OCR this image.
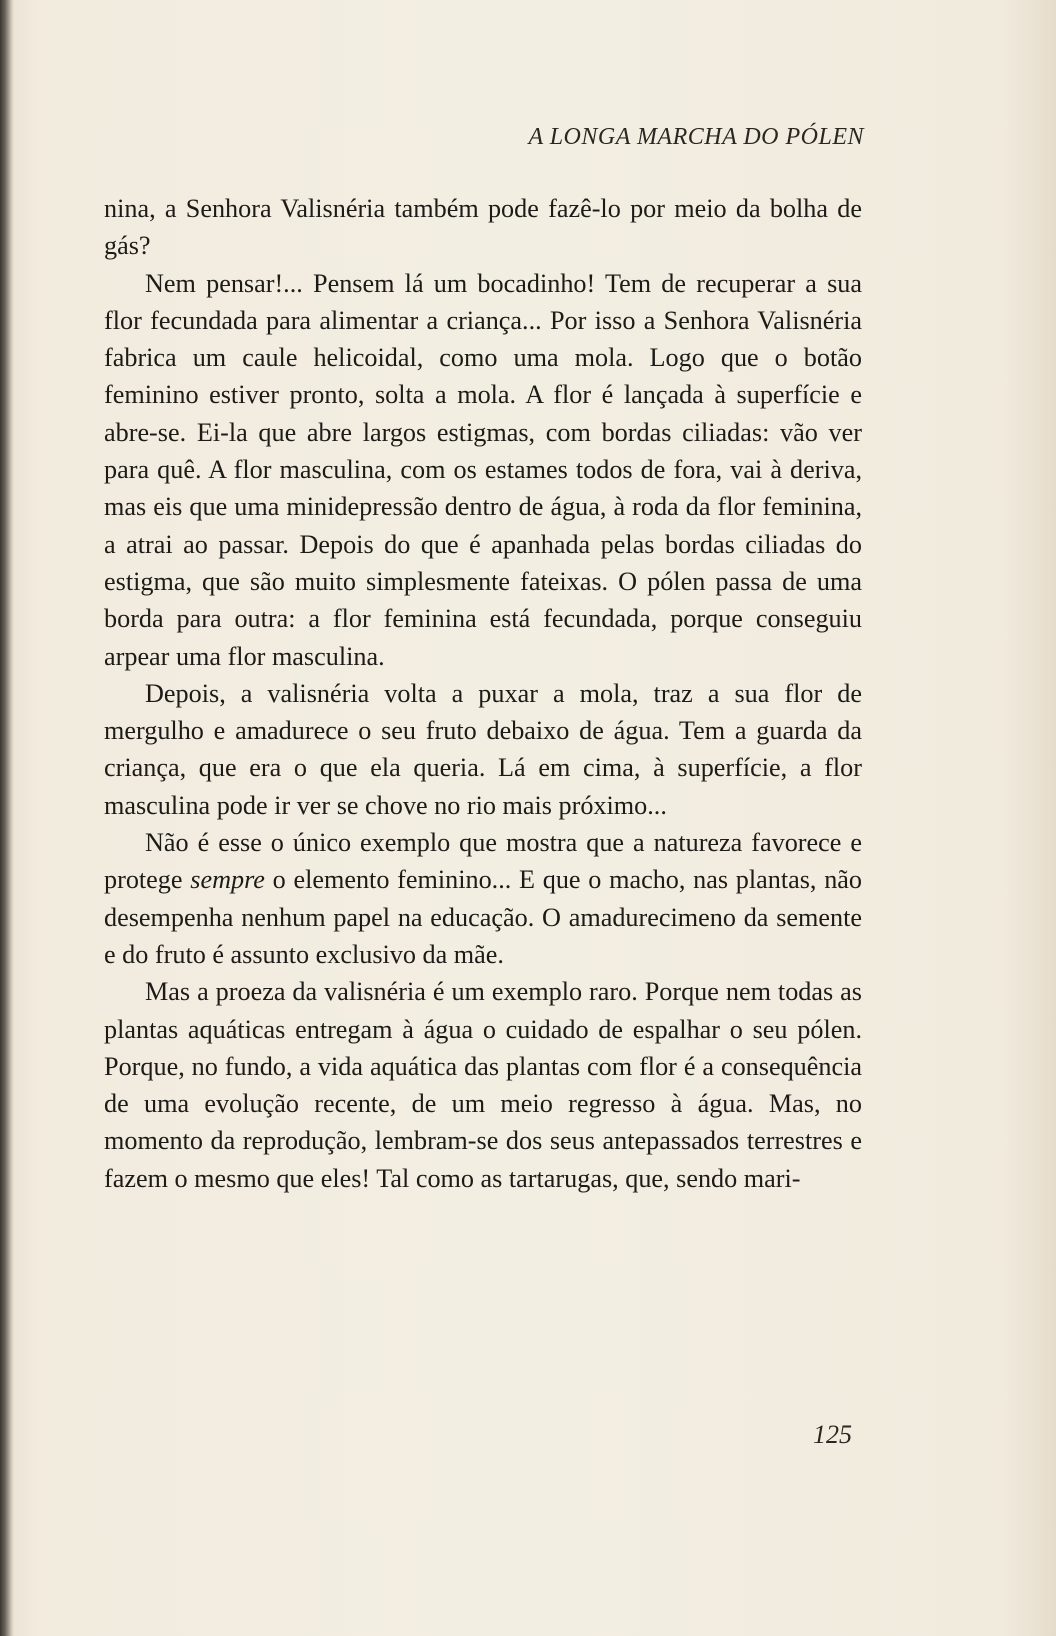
A LONGA MARCHA DO PÓLEN

nina, a Senhora Valisnéria também pode fazê-lo por meio da bolha de gás?

Nem pensar!... Pensem lá um bocadinho! Tem de recuperar a sua flor fecundada para alimentar a criança... Por isso a Senhora Valisnéria fabrica um caule helicoidal, como uma mola. Logo que o botão feminino estiver pronto, solta a mola. A flor é lançada à superfície e abre-se. Ei-la que abre largos estigmas, com bordas ciliadas: vão ver para quê. A flor masculina, com os estames todos de fora, vai à deriva, mas eis que uma minidepressão dentro de água, à roda da flor feminina, a atrai ao passar. Depois do que é apanhada pelas bordas ciliadas do estigma, que são muito simplesmente fateixas. O pólen passa de uma borda para outra: a flor feminina está fecundada, porque conseguiu arpear uma flor masculina.

Depois, a valisnéria volta a puxar a mola, traz a sua flor de mergulho e amadurece o seu fruto debaixo de água. Tem a guarda da criança, que era o que ela queria. Lá em cima, à superfície, a flor masculina pode ir ver se chove no rio mais próximo...

Não é esse o único exemplo que mostra que a natureza favorece e protege sempre o elemento feminino... E que o macho, nas plantas, não desempenha nenhum papel na educação. O amadurecimeno da semente e do fruto é assunto exclusivo da mãe.

Mas a proeza da valisnéria é um exemplo raro. Porque nem todas as plantas aquáticas entregam à água o cuidado de espalhar o seu pólen. Porque, no fundo, a vida aquática das plantas com flor é a consequência de uma evolução recente, de um meio regresso à água. Mas, no momento da reprodução, lembram-se dos seus antepassados terrestres e fazem o mesmo que eles! Tal como as tartarugas, que, sendo mari-

125
